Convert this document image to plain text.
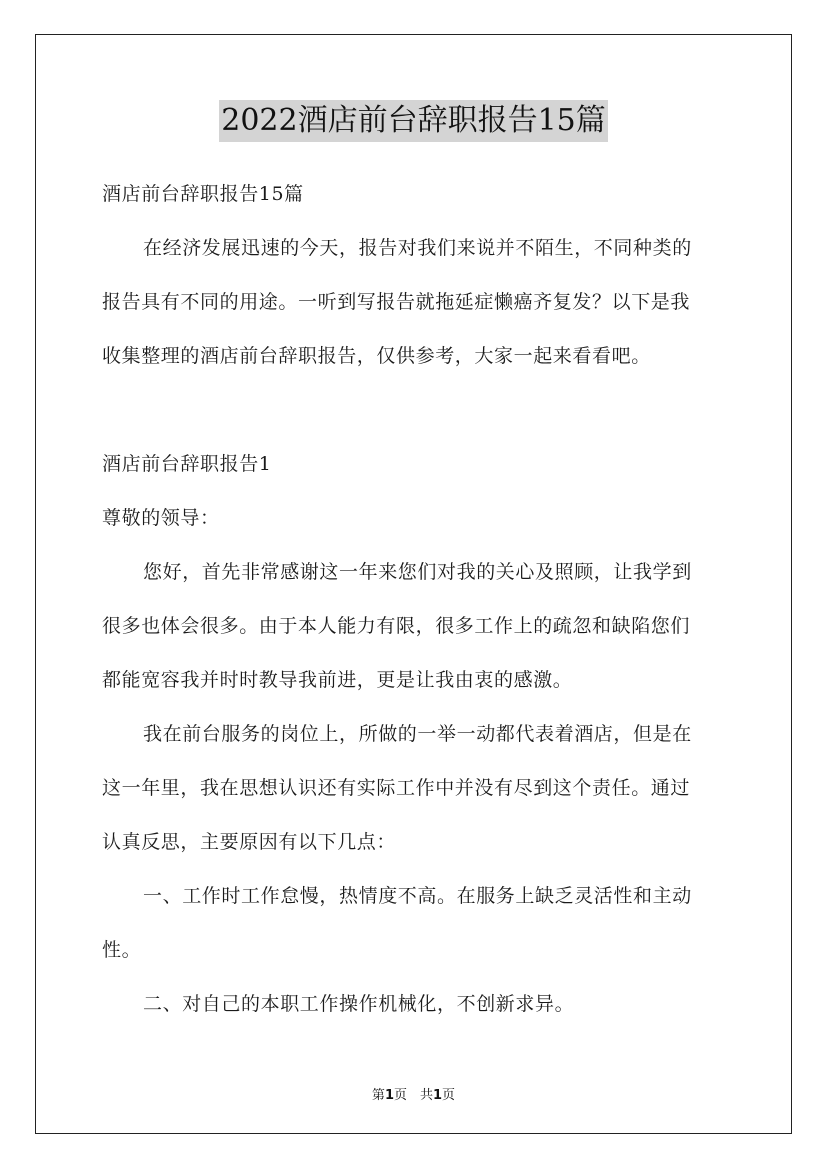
2022酒店前台辞职报告15篇
酒店前台辞职报告15篇
在经济发展迅速的今天，报告对我们来说并不陌生，不同种类的
报告具有不同的用途。一听到写报告就拖延症懒癌齐复发？以下是我
收集整理的酒店前台辞职报告，仅供参考，大家一起来看看吧。
酒店前台辞职报告1
尊敬的领导：
您好，首先非常感谢这一年来您们对我的关心及照顾，让我学到
很多也体会很多。由于本人能力有限，很多工作上的疏忽和缺陷您们
都能宽容我并时时教导我前进，更是让我由衷的感激。
我在前台服务的岗位上，所做的一举一动都代表着酒店，但是在
这一年里，我在思想认识还有实际工作中并没有尽到这个责任。通过
认真反思，主要原因有以下几点：
一、工作时工作怠慢，热情度不高。在服务上缺乏灵活性和主动
性。
二、对自己的本职工作操作机械化，不创新求异。
第1页　共1页
